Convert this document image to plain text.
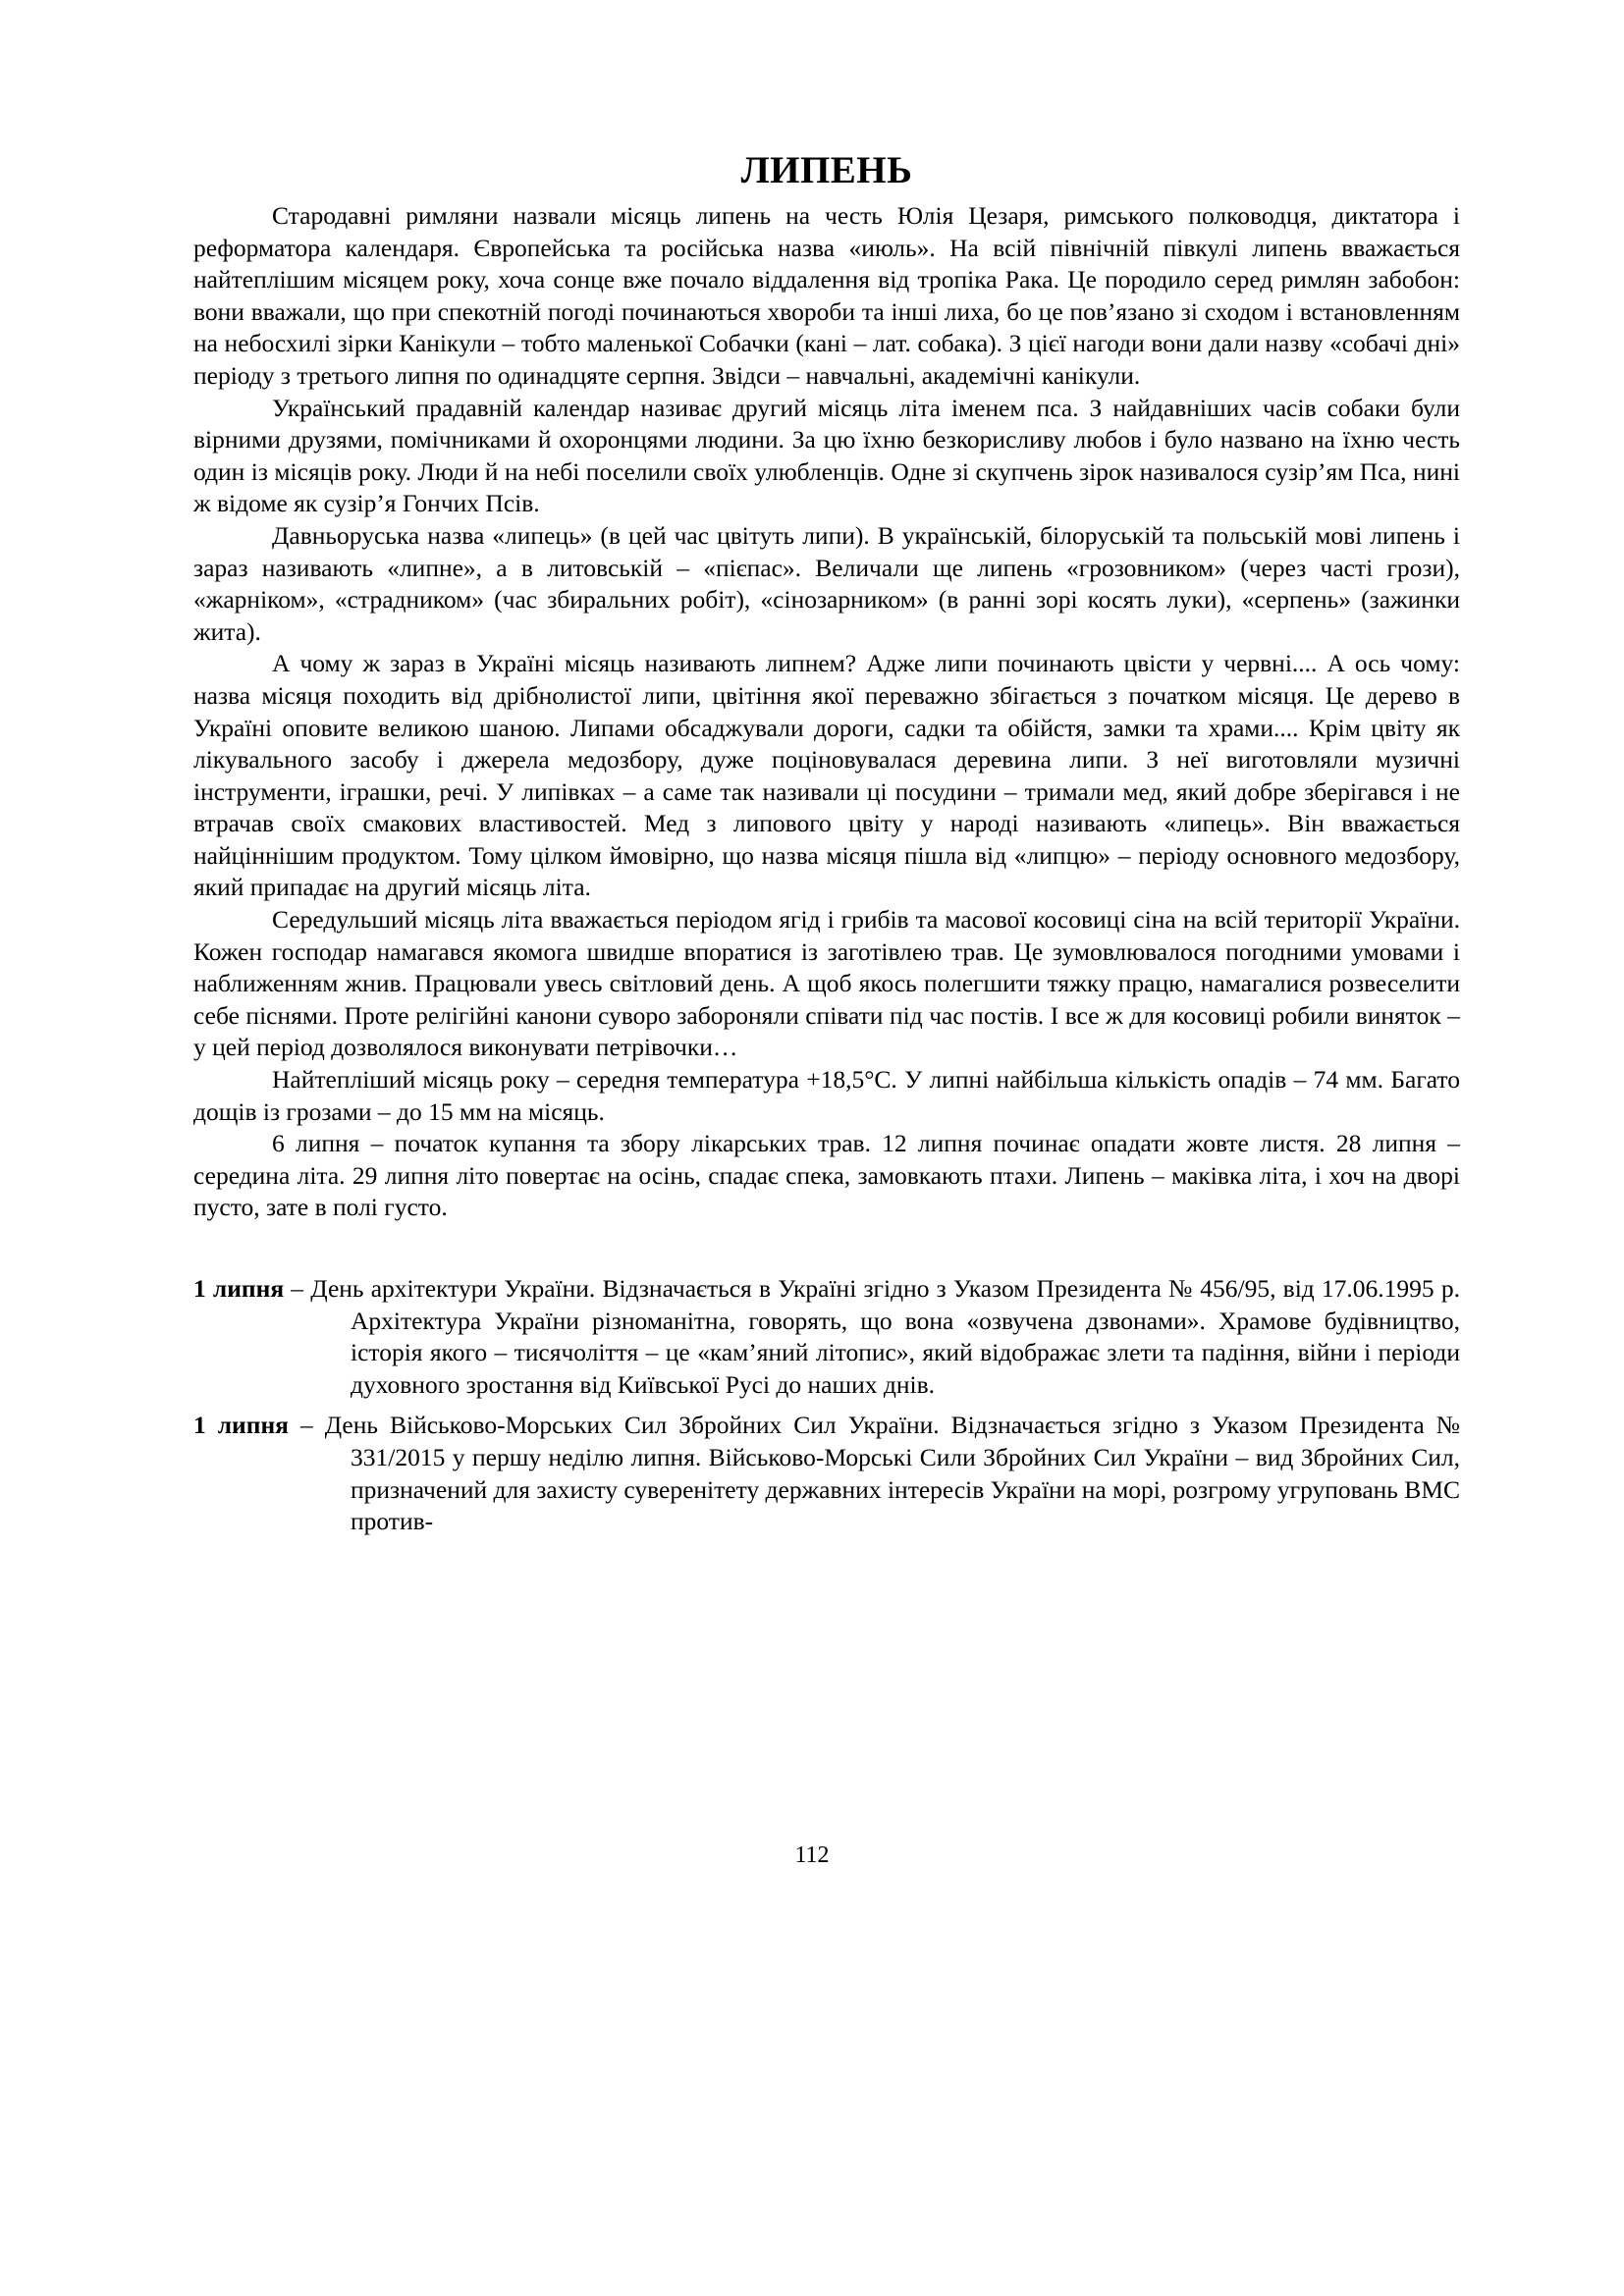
ЛИПЕНЬ

Стародавні римляни назвали місяць липень на честь Юлія Цезаря, римського полководця, диктатора і реформатора календаря. Європейська та російська назва «июль». На всій північній півкулі липень вважається найтеплішим місяцем року, хоча сонце вже почало віддалення від тропіка Рака. Це породило серед римлян забобон: вони вважали, що при спекотній погоді починаються хвороби та інші лиха, бо це пов’язано зі сходом і встановленням на небосхилі зірки Канікули – тобто маленької Собачки (кані – лат. собака). З цієї нагоди вони дали назву «собачі дні» періоду з третього липня по одинадцяте серпня. Звідси – навчальні, академічні канікули.

Український прадавній календар називає другий місяць літа іменем пса. З найдавніших часів собаки були вірними друзями, помічниками й охоронцями людини. За цю їхню безкорисливу любов і було названо на їхню честь один із місяців року. Люди й на небі поселили своїх улюбленців. Одне зі скупчень зірок називалося сузір’ям Пса, нині ж відоме як сузір’я Гончих Псів.

Давньоруська назва «липець» (в цей час цвітуть липи). В українській, білоруській та польській мові липень і зараз називають «липне», а в литовській – «пієпас». Величали ще липень «грозовником» (через часті грози), «жарніком», «страдником» (час збиральних робіт), «сінозарником» (в ранні зорі косять луки), «серпень» (зажинки жита).

А чому ж зараз в Україні місяць називають липнем? Адже липи починають цвісти у червні.... А ось чому: назва місяця походить від дрібнолистої липи, цвітіння якої переважно збігається з початком місяця. Це дерево в Україні оповите великою шаною. Липами обсаджували дороги, садки та обійстя, замки та храми.... Крім цвіту як лікувального засобу і джерела медозбору, дуже поціновувалася деревина липи. З неї виготовляли музичні інструменти, іграшки, речі. У липівках – а саме так називали ці посудини – тримали мед, який добре зберігався і не втрачав своїх смакових властивостей. Мед з липового цвіту у народі називають «липець». Він вважається найціннішим продуктом. Тому цілком ймовірно, що назва місяця пішла від «липцю» – періоду основного медозбору, який припадає на другий місяць літа.

Середульший місяць літа вважається періодом ягід і грибів та масової косовиці сіна на всій території України. Кожен господар намагався якомога швидше впоратися із заготівлею трав. Це зумовлювалося погодними умовами і наближенням жнив. Працювали увесь світловий день. А щоб якось полегшити тяжку працю, намагалися розвеселити себе піснями. Проте релігійні канони суворо забороняли співати під час постів. І все ж для косовиці робили виняток – у цей період дозволялося виконувати петрівочки…

Найтепліший місяць року – середня температура +18,5°С. У липні найбільша кількість опадів – 74 мм. Багато дощів із грозами – до 15 мм на місяць.

6 липня – початок купання та збору лікарських трав. 12 липня починає опадати жовте листя. 28 липня – середина літа. 29 липня літо повертає на осінь, спадає спека, замовкають птахи. Липень – маківка літа, і хоч на дворі пусто, зате в полі густо.

1 липня – День архітектури України. Відзначається в Україні згідно з Указом Президента № 456/95, від 17.06.1995 р. Архітектура України різноманітна, говорять, що вона «озвучена дзвонами». Храмове будівництво, історія якого – тисячоліття – це «кам’яний літопис», який відображає злети та падіння, війни і періоди духовного зростання від Київської Русі до наших днів.

1 липня – День Військово-Морських Сил Збройних Сил України. Відзначається згідно з Указом Президента № 331/2015 у першу неділю липня. Військово-Морські Сили Збройних Сил України – вид Збройних Сил, призначений для захисту суверенітету державних інтересів України на морі, розгрому угруповань ВМС против-

112
